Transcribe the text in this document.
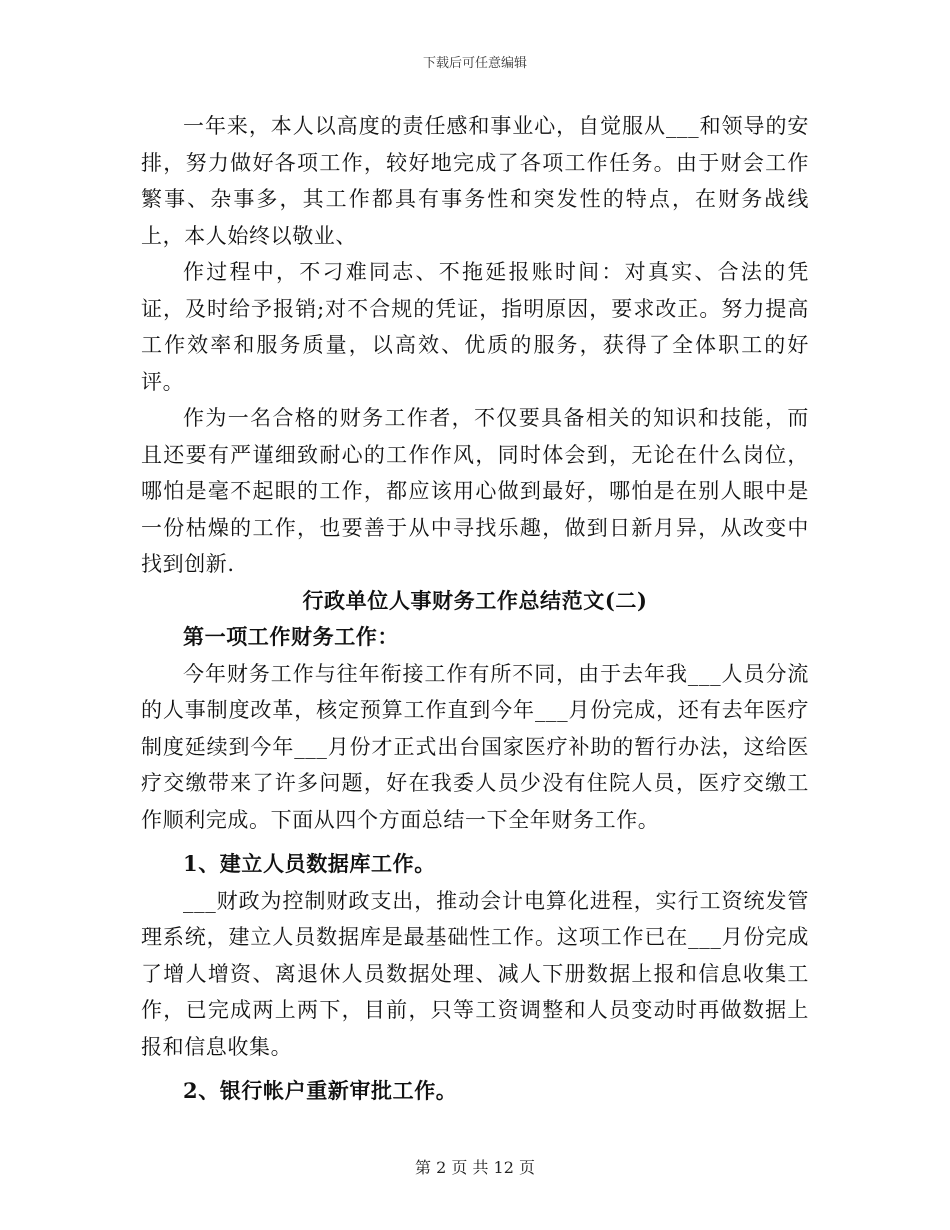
下载后可任意编辑

一年来，本人以高度的责任感和事业心，自觉服从___和领导的安排，努力做好各项工作，较好地完成了各项工作任务。由于财会工作繁事、杂事多，其工作都具有事务性和突发性的特点，在财务战线上，本人始终以敬业、

作过程中，不刁难同志、不拖延报账时间：对真实、合法的凭证，及时给予报销;对不合规的凭证，指明原因，要求改正。努力提高工作效率和服务质量，以高效、优质的服务，获得了全体职工的好评。

作为一名合格的财务工作者，不仅要具备相关的知识和技能，而且还要有严谨细致耐心的工作作风，同时体会到，无论在什么岗位，哪怕是毫不起眼的工作，都应该用心做到最好，哪怕是在别人眼中是一份枯燥的工作，也要善于从中寻找乐趣，做到日新月异，从改变中找到创新.

行政单位人事财务工作总结范文(二)

第一项工作财务工作：

今年财务工作与往年衔接工作有所不同，由于去年我___人员分流的人事制度改革，核定预算工作直到今年___月份完成，还有去年医疗制度延续到今年___月份才正式出台国家医疗补助的暂行办法，这给医疗交缴带来了许多问题，好在我委人员少没有住院人员，医疗交缴工作顺利完成。下面从四个方面总结一下全年财务工作。

1、建立人员数据库工作。

___财政为控制财政支出，推动会计电算化进程，实行工资统发管理系统，建立人员数据库是最基础性工作。这项工作已在___月份完成了增人增资、离退休人员数据处理、减人下册数据上报和信息收集工作，已完成两上两下，目前，只等工资调整和人员变动时再做数据上报和信息收集。

2、银行帐户重新审批工作。

第 2 页 共 12 页
